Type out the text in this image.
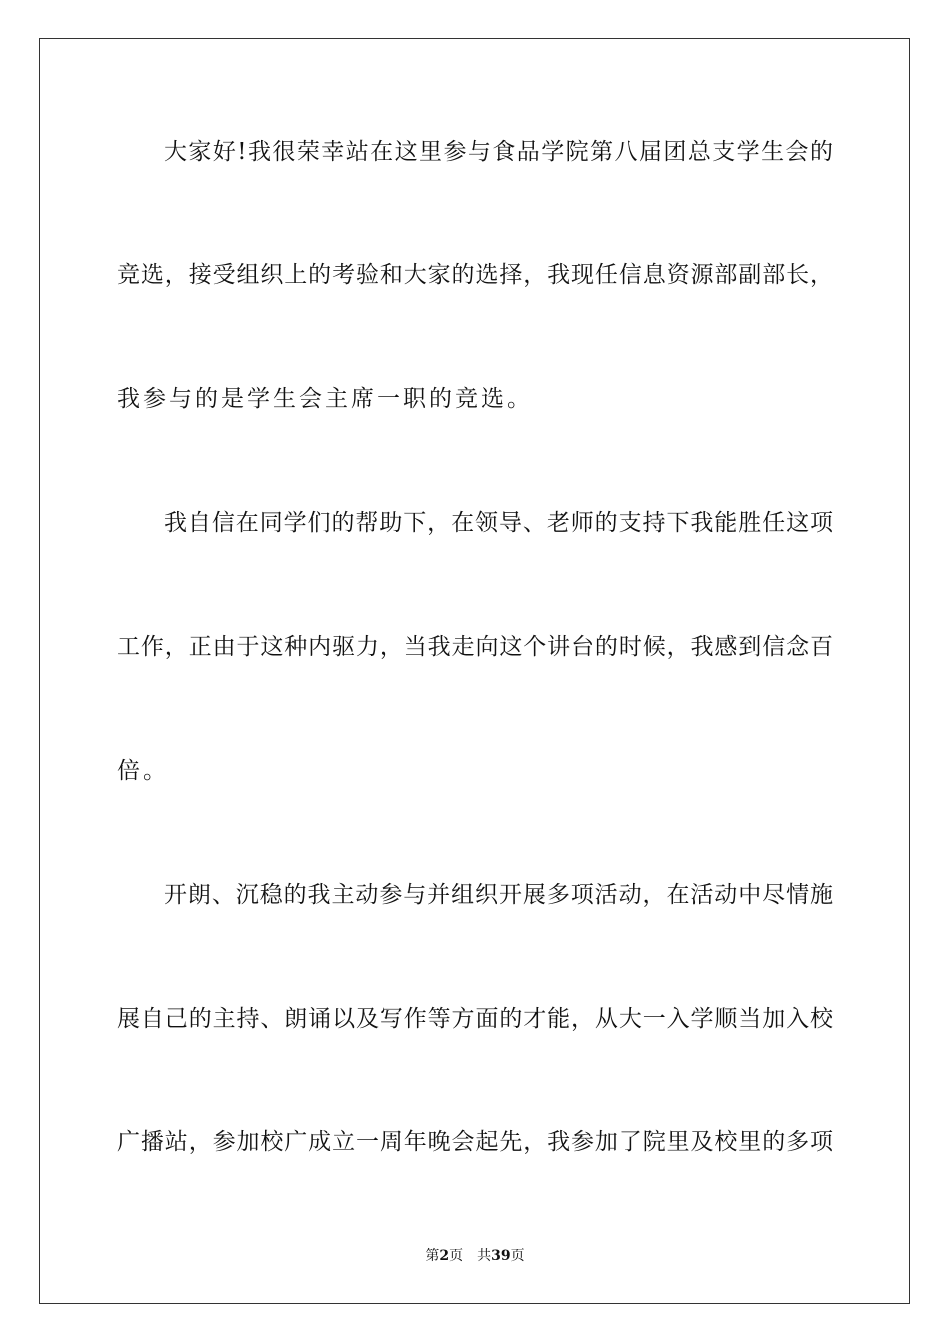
大家好!我很荣幸站在这里参与食品学院第八届团总支学生会的
竞选，接受组织上的考验和大家的选择，我现任信息资源部副部长，
我参与的是学生会主席一职的竞选。
我自信在同学们的帮助下，在领导、老师的支持下我能胜任这项
工作，正由于这种内驱力，当我走向这个讲台的时候，我感到信念百
倍。
开朗、沉稳的我主动参与并组织开展多项活动，在活动中尽情施
展自己的主持、朗诵以及写作等方面的才能，从大一入学顺当加入校
广播站，参加校广成立一周年晚会起先，我参加了院里及校里的多项
第2页 共39页
